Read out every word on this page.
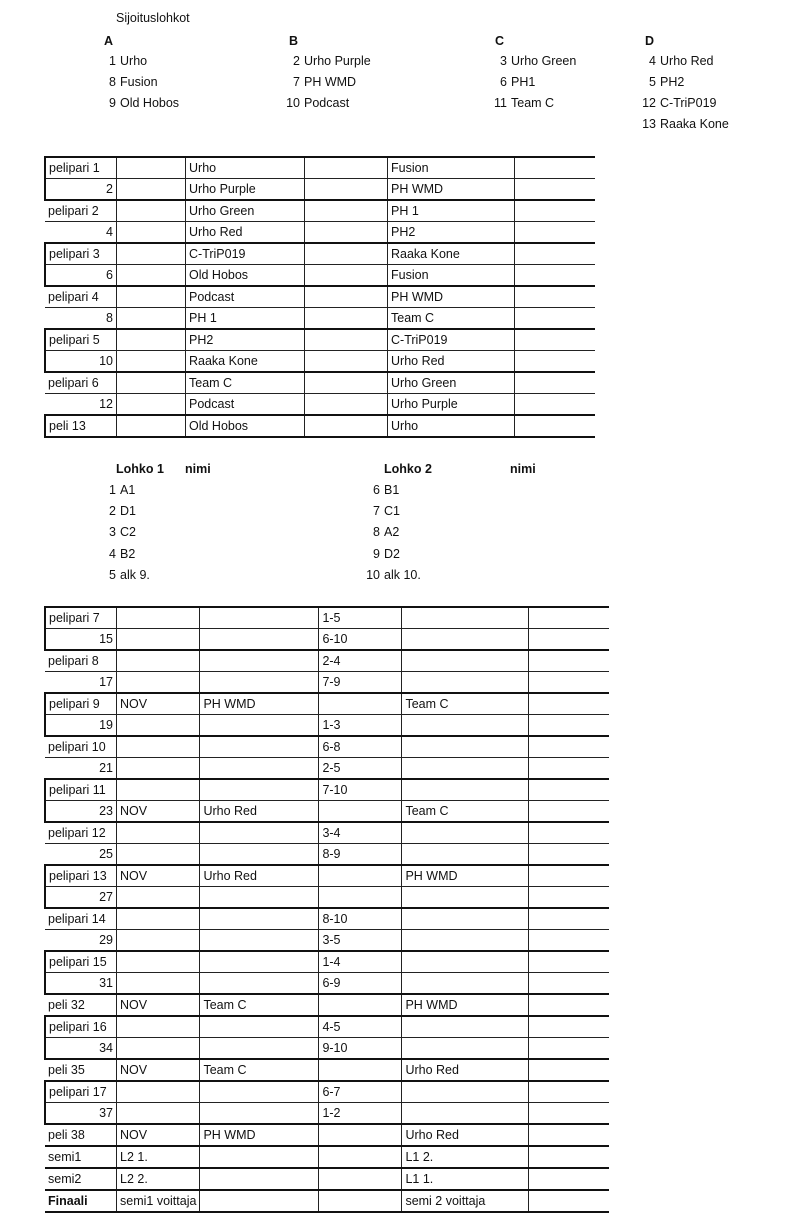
Sijoituslohkot
A
1 Urho
8 Fusion
9 Old Hobos
B
2 Urho Purple
7 PH WMD
10 Podcast
C
3 Urho Green
6 PH1
11 Team C
D
4 Urho Red
5 PH2
12 C-TriP019
13 Raaka Kone
pelipari 1		Urho		Fusion	
2		Urho Purple		PH WMD	
pelipari 2		Urho Green		PH 1	
4		Urho Red		PH2	
pelipari 3		C-TriP019		Raaka Kone	
6		Old Hobos		Fusion	
pelipari 4		Podcast		PH WMD	
8		PH 1		Team C	
pelipari 5		PH2		C-TriP019	
10		Raaka Kone		Urho Red	
pelipari 6		Team C		Urho Green	
12		Podcast		Urho Purple	
peli 13		Old Hobos		Urho	
Lohko 1 nimi	Lohko 2	nimi
1 A1
2 D1
3 C2
4 B2
5 alk 9.
6 B1
7 C1
8 A2
9 D2
10 alk 10.
pelipari 7			1-5		
15			6-10		
pelipari 8			2-4		
17			7-9		
pelipari 9	NOV	PH WMD		Team C	
19			1-3		
pelipari 10			6-8		
21			2-5		
pelipari 11			7-10		
23	NOV	Urho Red		Team C	
pelipari 12			3-4		
25			8-9		
pelipari 13	NOV	Urho Red		PH WMD	
27					
pelipari 14			8-10		
29			3-5		
pelipari 15			1-4		
31			6-9		
peli 32	NOV	Team C		PH WMD	
pelipari 16			4-5		
34			9-10		
peli 35	NOV	Team C		Urho Red	
pelipari 17			6-7		
37			1-2		
peli 38	NOV	PH WMD		Urho Red	
semi1	L2 1.			L1 2.	
semi2	L2 2.			L1 1.	
Finaali	semi1 voittaja			semi 2 voittaja	
